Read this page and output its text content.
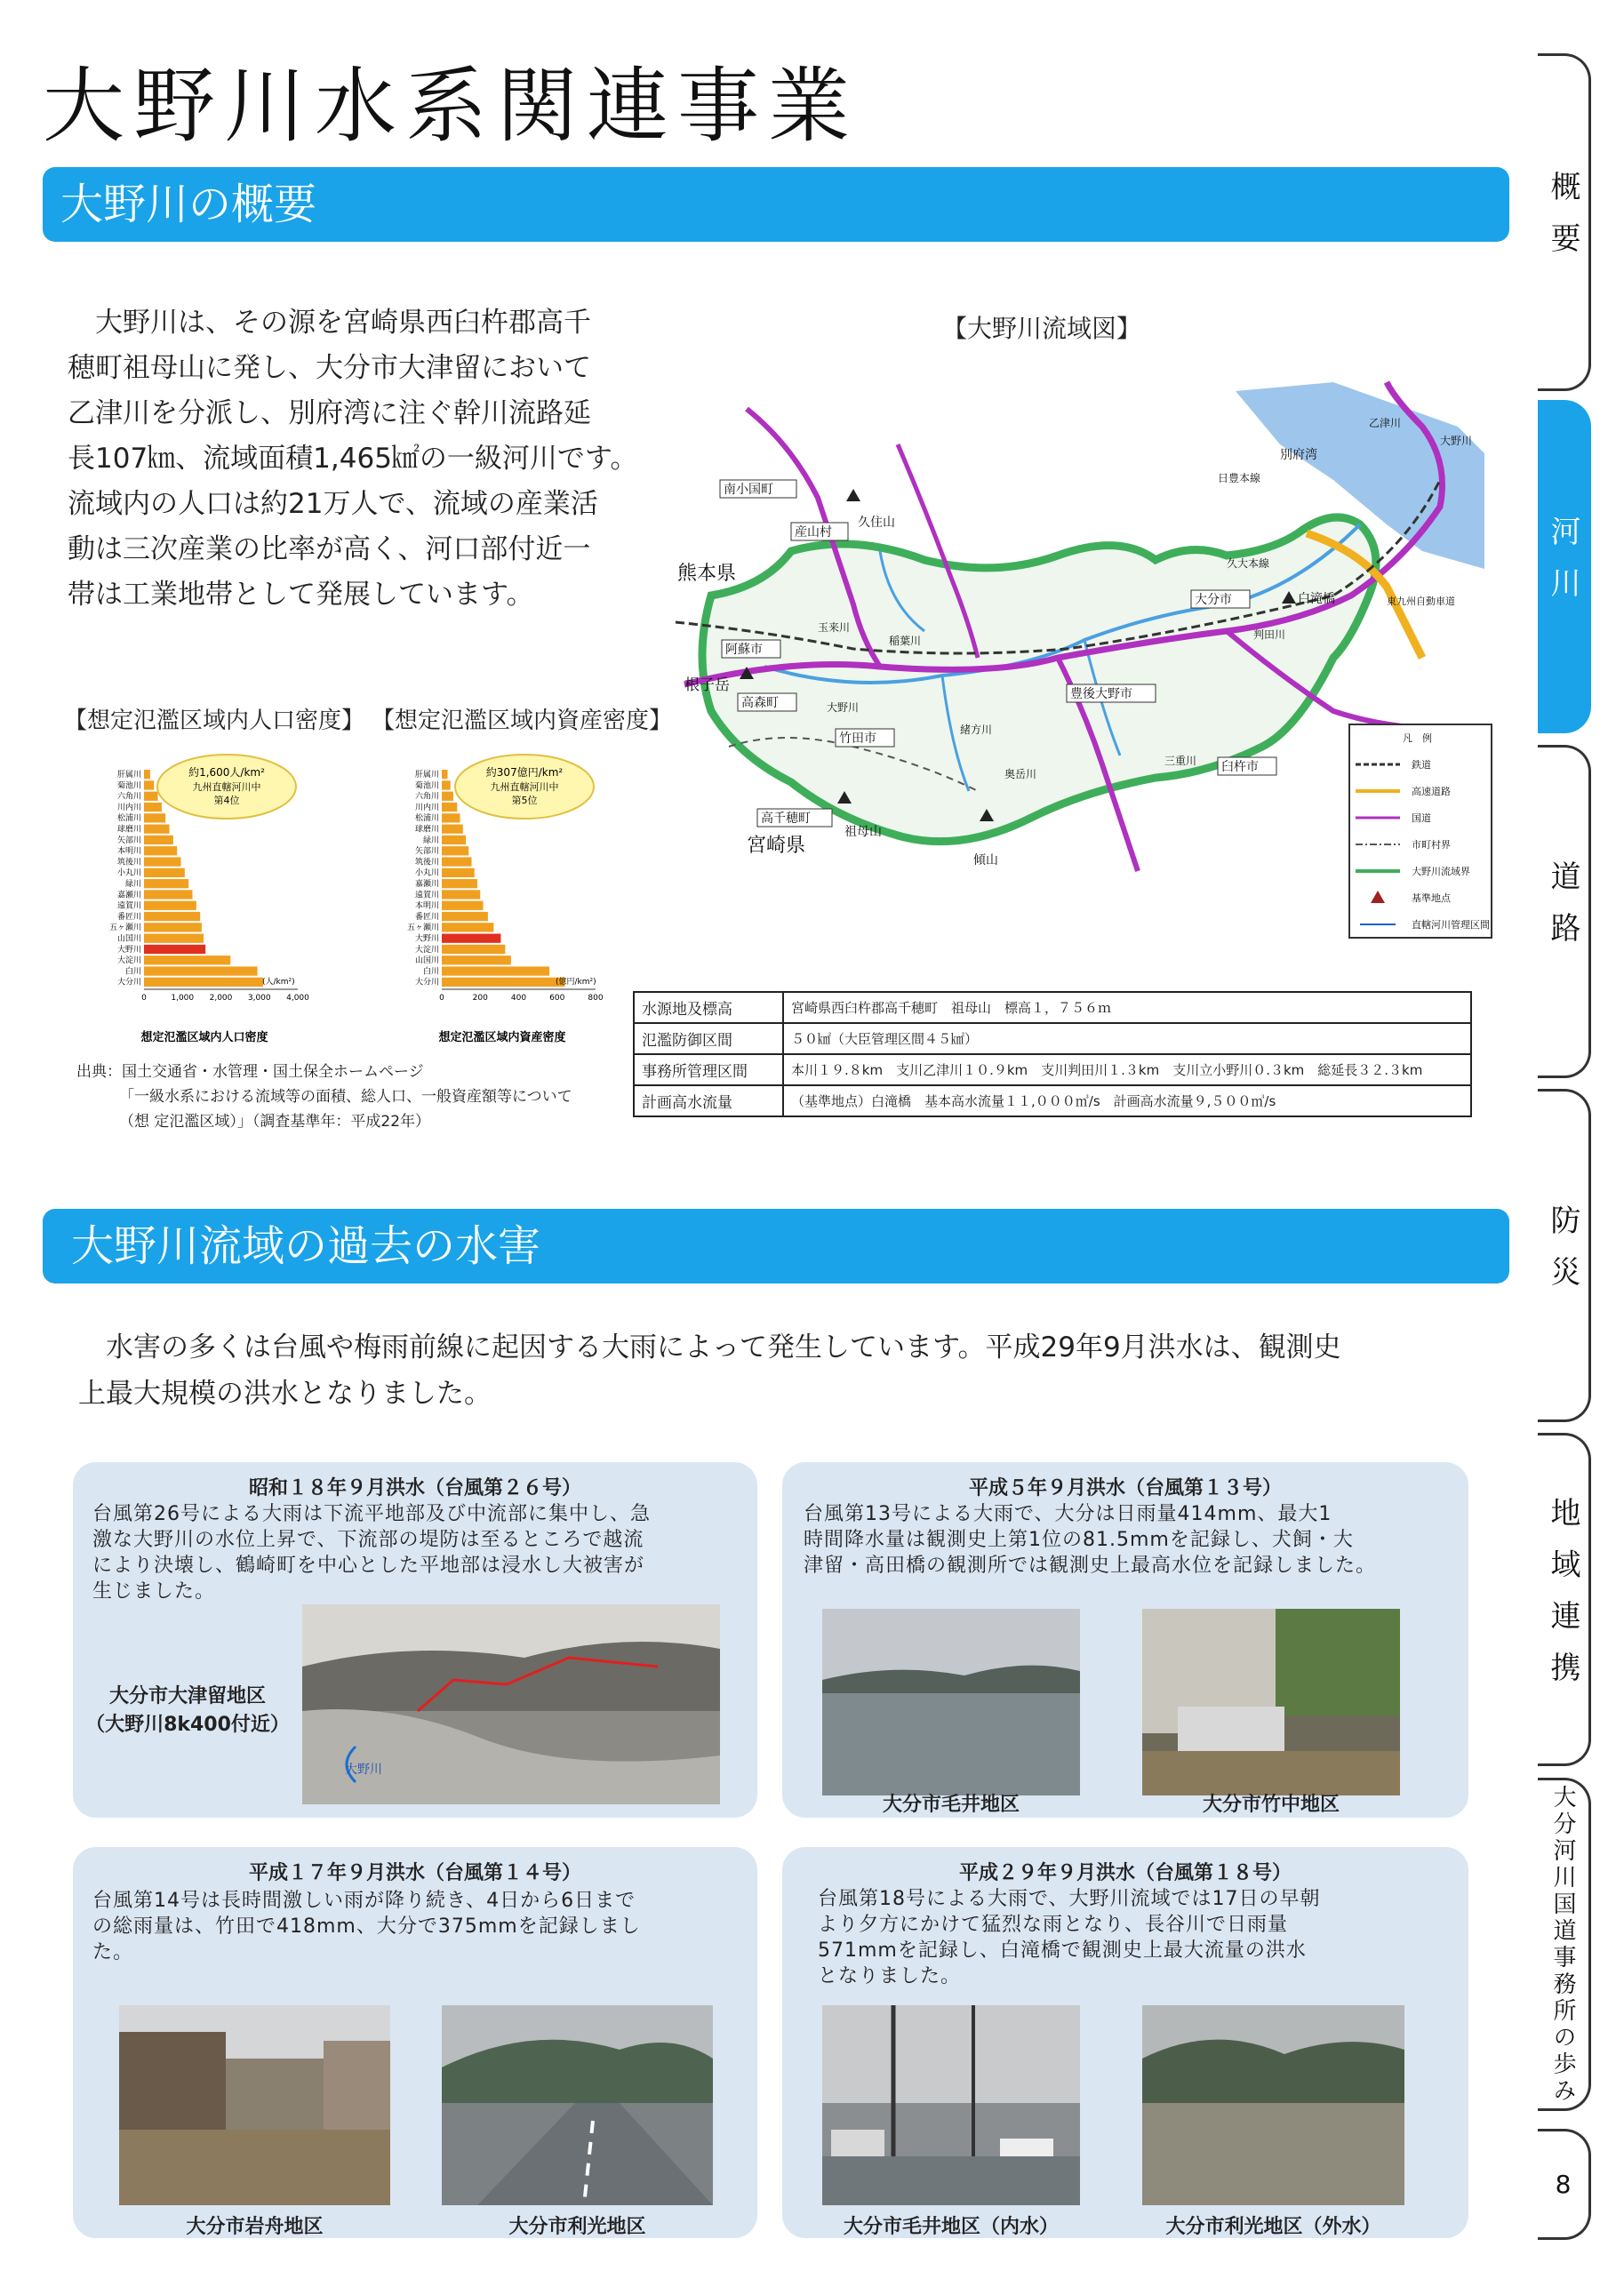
大野川水系関連事業
大野川の概要
　大野川は、その源を宮崎県西臼杵郡高千
穂町祖母山に発し、大分市大津留において
乙津川を分派し、別府湾に注ぐ幹川流路延
長107㎞、流域面積1,465㎢の一級河川です。
流域内の人口は約21万人で、流域の産業活
動は三次産業の比率が高く、河口部付近一
帯は工業地帯として発展しています。
【大野川流域図】
南小国町
産山村
久住山
熊本県
阿蘇市
根子岳
高森町
竹田市
豊後大野市
大分市
臼杵市
高千穂町
宮崎県
祖母山
傾山
白滝橋
別府湾
乙津川
大野川
日豊本線
久大本線
東九州自動車道
玉来川
稲葉川
大野川
緒方川
奥岳川
三重川
判田川
凡　例
鉄道
高速道路
国道
市町村界
大野川流域界
基準地点
直轄河川管理区間
水源地及標高	宮崎県西臼杵郡高千穂町　祖母山　標高１，７５６ｍ
氾濫防御区間	５０㎢（大臣管理区間４５㎢）
事務所管理区間	本川１９.８km　支川乙津川１０.９km　支川判田川１.３km　支川立小野川０.３km　総延長３２.３km
計画高水流量	（基準地点）白滝橋　基本高水流量１１,０００㎥/s　計画高水流量９,５００㎥/s
【想定氾濫区域内人口密度】 【想定氾濫区域内資産密度】
肝属川
菊池川
六角川
川内川
松浦川
球磨川
矢部川
本明川
筑後川
小丸川
緑川
嘉瀬川
遠賀川
番匠川
五ヶ瀬川
山国川
大野川
大淀川
白川
大分川
約1,600人/km²
九州直轄河川中
第4位
(人/km²)
0	1,000 2,000 3,000 4,000
想定氾濫区域内人口密度
肝属川
菊池川
六角川
川内川
松浦川
球磨川
緑川
矢部川
筑後川
小丸川
嘉瀬川
遠賀川
本明川
番匠川
五ヶ瀬川
大野川
大淀川
山国川
白川
大分川
約307億円/km²
九州直轄河川中
第5位
(億円/km²)
0	200	400	600	800
想定氾濫区域内資産密度
出典：国土交通省・水管理・国土保全ホームページ
「一級水系における流域等の面積、総人口、一般資産額等について
（想 定氾濫区域）」（調査基準年：平成22年）
大野川流域の過去の水害
　水害の多くは台風や梅雨前線に起因する大雨によって発生しています。平成29年9月洪水は、観測史
上最大規模の洪水となりました。
昭和１８年９月洪水（台風第２６号）
台風第26号による大雨は下流平地部及び中流部に集中し、急
激な大野川の水位上昇で、下流部の堤防は至るところで越流
により決壊し、鶴崎町を中心とした平地部は浸水し大被害が
生じました。
大分市大津留地区
（大野川8k400付近）
大野川
平成５年９月洪水（台風第１３号）
台風第13号による大雨で、大分は日雨量414mm、最大1
時間降水量は観測史上第1位の81.5mmを記録し、犬飼・大
津留・高田橋の観測所では観測史上最高水位を記録しました。
大分市毛井地区	大分市竹中地区
平成１７年９月洪水（台風第１４号）
台風第14号は長時間激しい雨が降り続き、4日から6日まで
の総雨量は、竹田で418mm、大分で375mmを記録しまし
た。
大分市岩舟地区	大分市利光地区
平成２９年９月洪水（台風第１８号）
台風第18号による大雨で、大野川流域では17日の早朝
より夕方にかけて猛烈な雨となり、長谷川で日雨量
571mmを記録し、白滝橋で観測史上最大流量の洪水
となりました。
大分市毛井地区（内水）	大分市利光地区（外水）
概要
河川
道路
防災
地域連携
大分河川国道事務所の歩み
8
